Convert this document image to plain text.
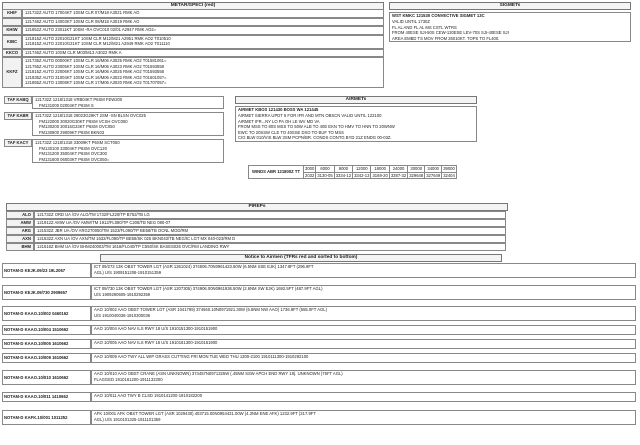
METAR/SPECI (red)
KHIF	121732Z AUTO 17004KT 10SM CLR 07/M18 A3021 RMK AO
121746Z AUTO 14003KT 10SM CLR 08/M18 A3019 RMK AO
KHIW	121852Z AUTO 23011KT 10SM -RA OVC010 02/01 A2947 RMK AO2=
KIBC
121815Z AUTO 22010G21KT 10SM CLR M12/M21 A2951 RMK AO2 T010510
121815Z AUTO 22010G21KT 10SM CLR M12/M21 A2949 RMK AO2 T011110
KKCO	121746Z AUTO 10SM CLR M03/M13 A3022 RMK A
KKFZ
121735Z AUTO 00000KT 10SM CLR 16/M06 A3025 RMK AO2 T01581061=
121755Z AUTO 23005KT 10SM CLR 16/M06 A3023 RMK AO2 T01593558
121815Z AUTO 22006KT 10SM CLR 16/M06 A3025 RMK AO2 T01593558
121835Z AUTO 31004KT 10SM CLR 16/M06 A3022 RMK AO2 T0160105?=
121855Z AUTO 13008KT 10SM CLR 17/M06 A3020 RMK AO2 T01707057=
SIGMETs
WST KMKC 121530 CONVECTIVE SIGMET 13C
VALID UNTIL 1730Z
FL AL AND FL AL MS CSTL WTRS
FROM 40ESE SJI-50S CEW-130ESE LEV-70S SJI-40ESE SJI
AREA EMBD TS MOV FROM 26010KT. TOPS TO FL400.
TAF KABQ	121732Z 1218/1318 VRB04KT P6SM FEW200
FM131000 02004KT P6SM S
TAF KABR	121732Z 1218/1318 29023G29KT 2SM -SN BLSN OVC025
FM122000 30020G30KT P6SM VCSH OVC050
FM130200 30015G23KT P6SM OVC050
FM130900 29009KT P6SM BKN03
TAF KACY	121732Z 1218/1318 33009KT P6SM SCT050
FM130100 33004KT P6SM OVC120
FM131200 35004KT P6SM OVC300
FM131600 06003KT P6SM OVC050=
AIRMETs
AIRMET KBOS 121430 BOSS WA 121445
AIRMET SIERRA UPDT 6 FOR IFR AND MTN OBSCN VALID UNTIL 122100
AIRMET IFR...NY LO PA OH LE WV MD VA
FROM MSS TO 80S MSS TO 50W ALB TO 40E EKN TO HMV TO HNN TO 20WNW
EWC TO 20SSW CLE TO 40SSE DXO TO BUF TO MSS
CIG BLW 010/VIS BLW 3SM PCPN/BR. CONDS CONTG BYD 21Z ENDG 00-03Z.
WINDS ABR 121800Z TT	3000	6000	9000	12000	18000	24000	30000	34000	39000
	2032	3130-05	3334-12	3342-13	3169-20	3387-32	329648	327649	32404
PIREPs
ALO	121732Z ORD UA /OV ALO/TM 1732/FL220/TP B752/TB LG
AMW	121912Z AMW UA /OV AMW/TM 1912/FL080/TP C208/TB NEG 080-07
ARG	121532Z JBR UA /OV ARG270050/TM 1523/FL090/TP BE58/TB OCNL MOD/RM
AXN	121632Z AXN UA /OV AXN/TM 1632/FL090/TP BE58/SK 025 BKN043/TB NEG/IC LGT MX 040-023/RM D
BHM	121616Z BHM UA /OV BHM240003/TM 1616/FL040/TP C550/SK BASES026 OVC/RM LANDING RWY
Notice to Airmen (TFRs red and sorted to bottom)
NOTAM-D KEJK.09/23 19L2067
ICT 09/273 13K OBST TOWER LGT (ASR 1261024) 374506.70N0961423.60W (6.5NM SSE EJK) 1347.8FT (296.9FT
AGL) U/S 1909151206-1910151359
NOTAM-D KEJK.09/730 2909657
ICT 09/730 13K OBST TOWER LGT (ASR 1207305) 374906.00N0961936.50W (2.6NM SW EJK) 1692.5FT (487.9FT AGL)
U/S 1909290605-1910292359
NOTAM-D KAAO.10/002 0460162
AAO 10/002 AAO OBST TOWER LGT (ASR 1041799) 374940.10N0971921.30W (6.8NM NW AAO) 1736.9FT (555.0FT AGL)
U/S 1910040036-1910300036
NOTAM-D KAAO.10/004 1510662	AAO 10/004 AAO NAV ILS RWY 18 U/S 1910151300-1910151900
NOTAM-D KAAO.10/005 1610662	AAO 10/005 AAO NAV ILS RWY 18 U/S 1910161300-1910161900
NOTAM-D KAAO.10/009 1610662	AAO 10/009 AAO TWY ALL WIP GRASS CUTTING FRI MON TUE WED THU 1300-2100 1910111300-1910292100
NOTAM-D KAAO.10/010 1610662
AAO 10/010 AAO OBST CRANE (ASN UNKNOWN) 374457N0971325W (.45NM SSW APCH END RWY 18). UNKNOWN (75FT AGL)
FLAGGED 1910161200-1911132300
NOTAM-D KAAO.10/011 1410662	AAO 10/011 AAO TWY B CLSD 1910141200-1910182200
NOTAM-D KAFK.10/001 1011252
AFK 10/001 AFK OBST TOWER LGT (ASR 1029430) 403715.00N0954431.00W (4.3NM ENE AFK) 1232.9FT (317.9FT
AGL) U/S 1910101325-1911101359
